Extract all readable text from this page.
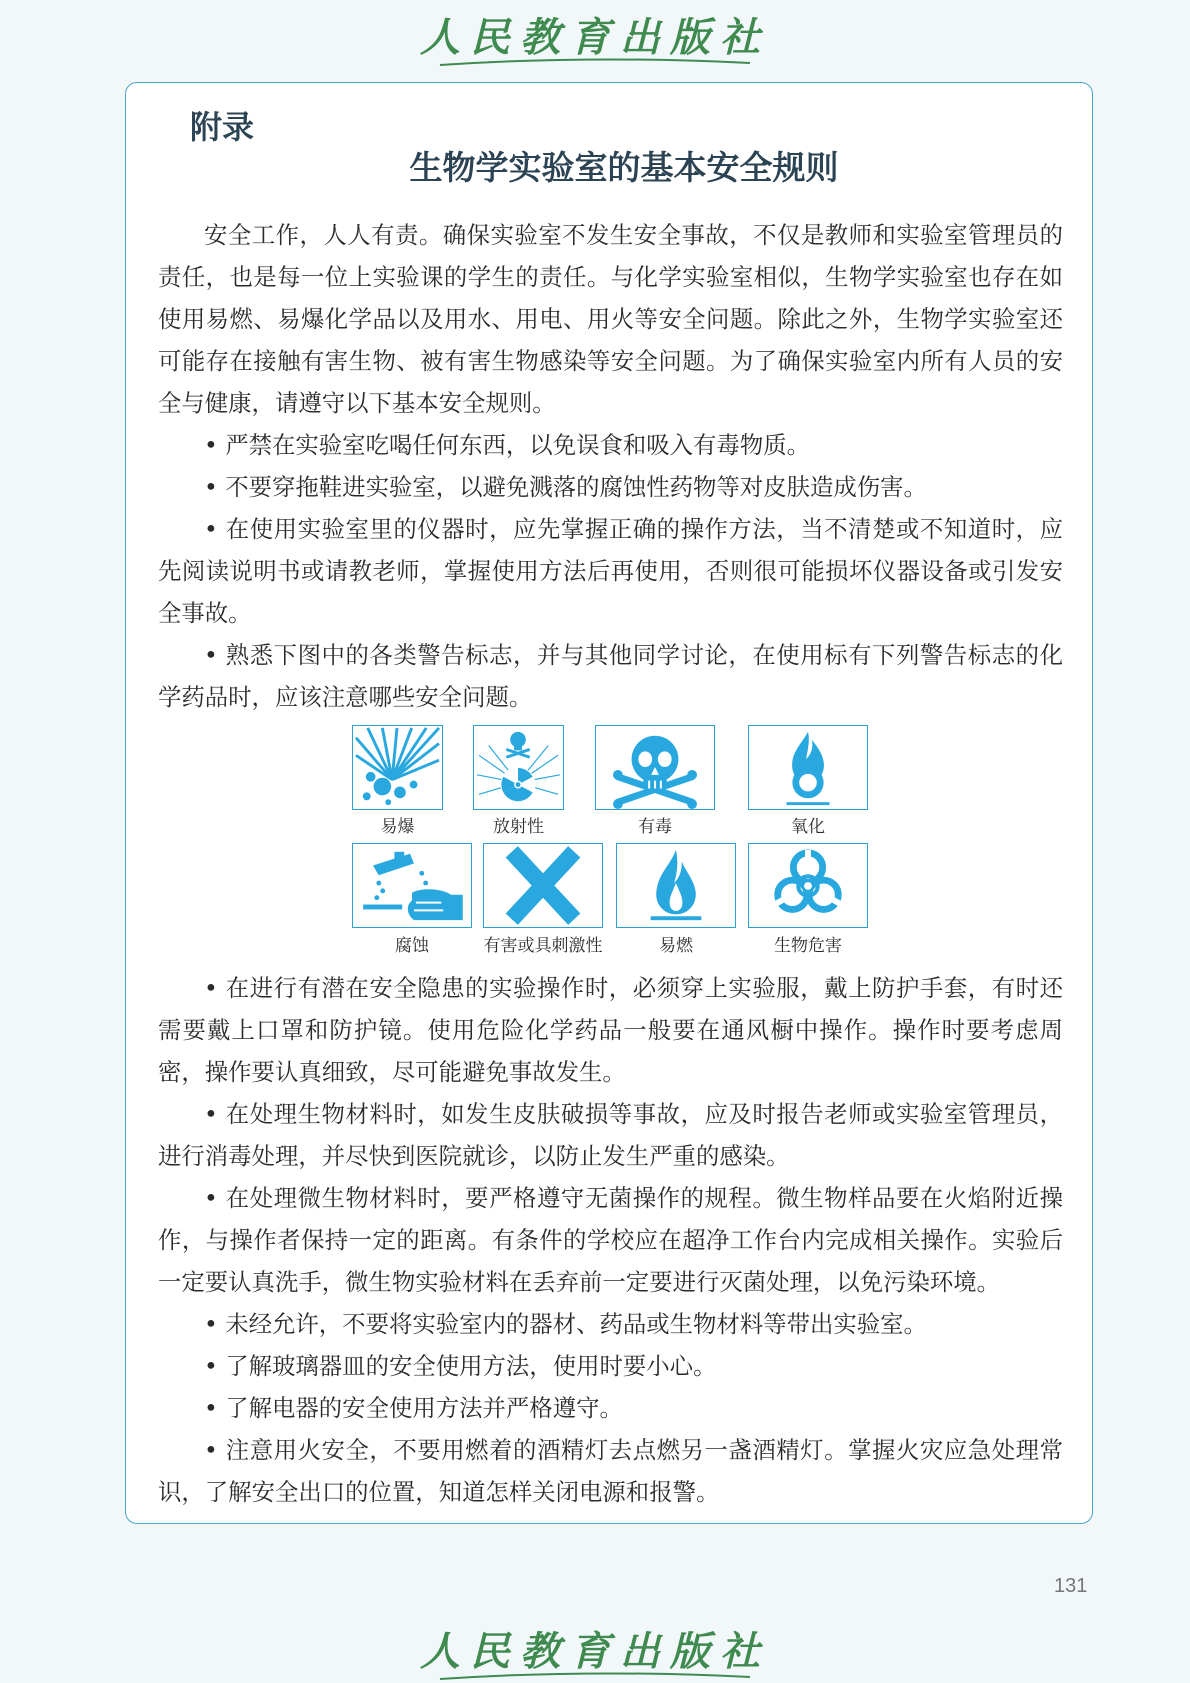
人民教育出版社
附录
生物学实验室的基本安全规则

安全工作，人人有责。确保实验室不发生安全事故，不仅是教师和实验室管理员的责任，也是每一位上实验课的学生的责任。与化学实验室相似，生物学实验室也存在如使用易燃、易爆化学品以及用水、用电、用火等安全问题。除此之外，生物学实验室还可能存在接触有害生物、被有害生物感染等安全问题。为了确保实验室内所有人员的安全与健康，请遵守以下基本安全规则。

• 严禁在实验室吃喝任何东西，以免误食和吸入有毒物质。

• 不要穿拖鞋进实验室，以避免溅落的腐蚀性药物等对皮肤造成伤害。

• 在使用实验室里的仪器时，应先掌握正确的操作方法，当不清楚或不知道时，应先阅读说明书或请教老师，掌握使用方法后再使用，否则很可能损坏仪器设备或引发安全事故。

• 熟悉下图中的各类警告标志，并与其他同学讨论，在使用标有下列警告标志的化学药品时，应该注意哪些安全问题。

易爆	放射性	有毒	氧化
腐蚀	有害或具刺激性	易燃	生物危害

• 在进行有潜在安全隐患的实验操作时，必须穿上实验服，戴上防护手套，有时还需要戴上口罩和防护镜。使用危险化学药品一般要在通风橱中操作。操作时要考虑周密，操作要认真细致，尽可能避免事故发生。

• 在处理生物材料时，如发生皮肤破损等事故，应及时报告老师或实验室管理员，进行消毒处理，并尽快到医院就诊，以防止发生严重的感染。

• 在处理微生物材料时，要严格遵守无菌操作的规程。微生物样品要在火焰附近操作，与操作者保持一定的距离。有条件的学校应在超净工作台内完成相关操作。实验后一定要认真洗手，微生物实验材料在丢弃前一定要进行灭菌处理，以免污染环境。

• 未经允许，不要将实验室内的器材、药品或生物材料等带出实验室。

• 了解玻璃器皿的安全使用方法，使用时要小心。

• 了解电器的安全使用方法并严格遵守。

• 注意用火安全，不要用燃着的酒精灯去点燃另一盏酒精灯。掌握火灾应急处理常识，了解安全出口的位置，知道怎样关闭电源和报警。

131
人民教育出版社
